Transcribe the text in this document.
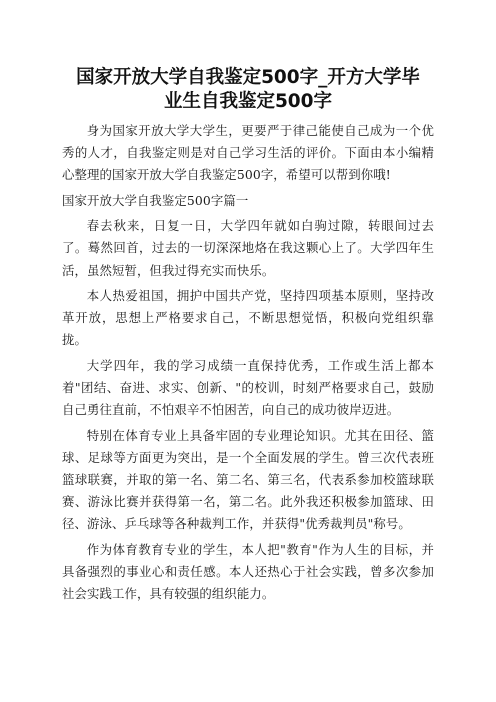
国家开放大学自我鉴定500字_开方大学毕
业生自我鉴定500字

身为国家开放大学大学生，更要严于律己能使自己成为一个优秀的人才，自我鉴定则是对自己学习生活的评价。下面由本小编精心整理的国家开放大学自我鉴定500字，希望可以帮到你哦!

国家开放大学自我鉴定500字篇一

春去秋来，日复一日，大学四年就如白驹过隙，转眼间过去了。蓦然回首，过去的一切深深地烙在我这颗心上了。大学四年生活，虽然短暂，但我过得充实而快乐。

本人热爱祖国，拥护中国共产党，坚持四项基本原则，坚持改革开放，思想上严格要求自己，不断思想觉悟，积极向党组织靠拢。

大学四年，我的学习成绩一直保持优秀，工作或生活上都本着"团结、奋进、求实、创新、"的校训，时刻严格要求自己，鼓励自己勇往直前，不怕艰辛不怕困苦，向自己的成功彼岸迈进。

特别在体育专业上具备牢固的专业理论知识。尤其在田径、篮球、足球等方面更为突出，是一个全面发展的学生。曾三次代表班篮球联赛，并取的第一名、第二名、第三名，代表系参加校篮球联赛、游泳比赛并获得第一名，第二名。此外我还积极参加篮球、田径、游泳、乒乓球等各种裁判工作，并获得"优秀裁判员"称号。

作为体育教育专业的学生，本人把"教育"作为人生的目标，并具备强烈的事业心和责任感。本人还热心于社会实践，曾多次参加社会实践工作，具有较强的组织能力。
